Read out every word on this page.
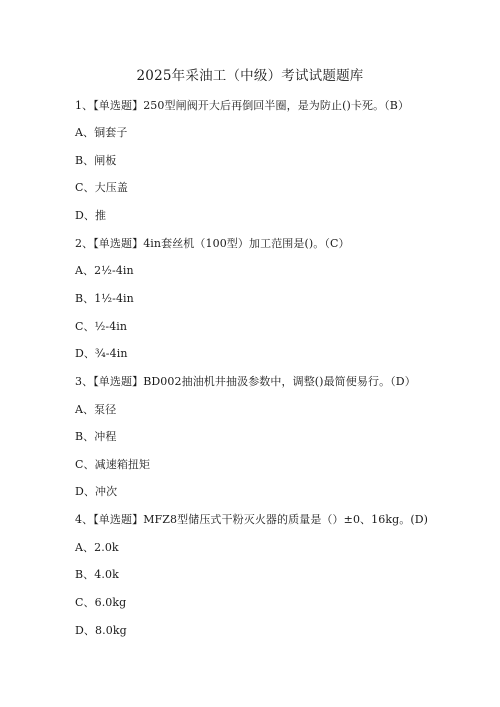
2025年采油工（中级）考试试题题库
1、【单选题】250型闸阀开大后再倒回半圈，是为防止()卡死。（B）
A、铜套子
B、闸板
C、大压盖
D、推
2、【单选题】4in套丝机（100型）加工范围是()。（C）
A、2½-4in
B、1½-4in
C、½-4in
D、¾-4in
3、【单选题】BD002抽油机井抽汲参数中，调整()最简便易行。（D）
A、泵径
B、冲程
C、减速箱扭矩
D、冲次
4、【单选题】MFZ8型储压式干粉灭火器的质量是（）±0、16kg。(D)
A、2.0k
B、4.0k
C、6.0kg
D、8.0kg
